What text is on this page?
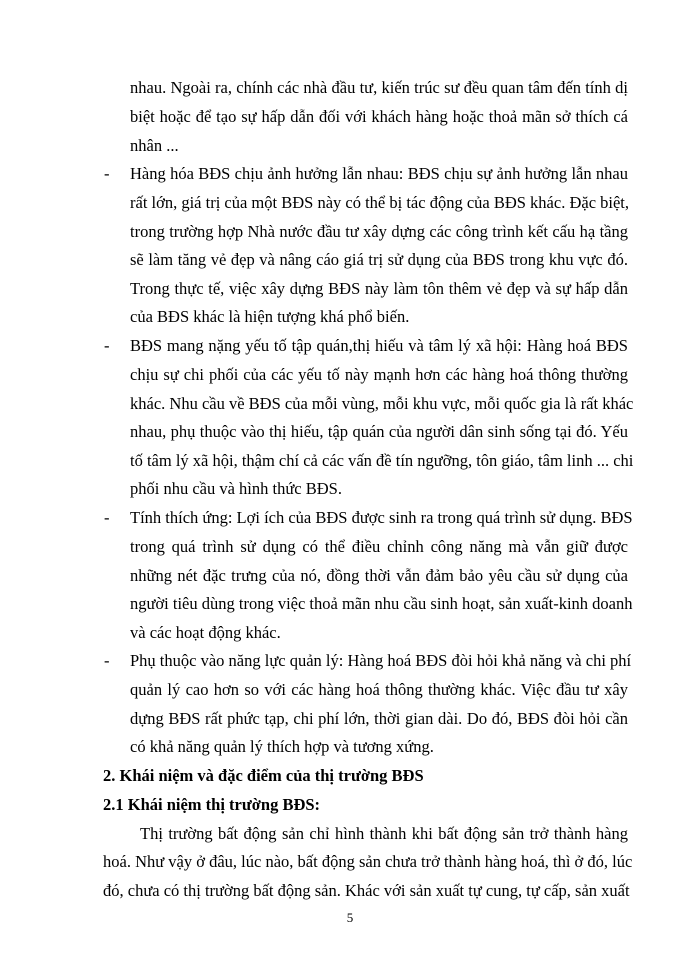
nhau. Ngoài ra, chính các nhà đầu tư, kiến trúc sư đều quan tâm đến tính dị
biệt hoặc để tạo sự hấp dẫn đối với khách hàng hoặc thoả mãn sở thích cá
nhân ...
- Hàng hóa BĐS chịu ảnh hưởng lẫn nhau: BĐS chịu sự ảnh hưởng lẫn nhau
rất lớn, giá trị của một BĐS này có thể bị tác động của BĐS khác. Đặc biệt,
trong trường hợp Nhà nước đầu tư xây dựng các công trình kết cấu hạ tầng
sẽ làm tăng vẻ đẹp và nâng cáo giá trị sử dụng của BĐS trong khu vực đó.
Trong thực tế, việc xây dựng BĐS này làm tôn thêm vẻ đẹp và sự hấp dẫn
của BĐS khác là hiện tượng khá phổ biến.
- BĐS mang nặng yếu tố tập quán,thị hiếu và tâm lý xã hội: Hàng hoá BĐS
chịu sự chi phối của các yếu tố này mạnh hơn các hàng hoá thông thường
khác. Nhu cầu về BĐS của mỗi vùng, mỗi khu vực, mỗi quốc gia là rất khác
nhau, phụ thuộc vào thị hiếu, tập quán của người dân sinh sống tại đó. Yếu
tố tâm lý xã hội, thậm chí cả các vấn đề tín ngưỡng, tôn giáo, tâm linh ... chi
phối nhu cầu và hình thức BĐS.
- Tính thích ứng: Lợi ích của BĐS được sinh ra trong quá trình sử dụng. BĐS
trong quá trình sử dụng có thể điều chỉnh công năng mà vẫn giữ được
những nét đặc trưng của nó, đồng thời vẫn đảm bảo yêu cầu sử dụng của
người tiêu dùng trong việc thoả mãn nhu cầu sinh hoạt, sản xuất-kinh doanh
và các hoạt động khác.
- Phụ thuộc vào năng lực quản lý: Hàng hoá BĐS đòi hỏi khả năng và chi phí
quản lý cao hơn so với các hàng hoá thông thường khác. Việc đầu tư xây
dựng BĐS rất phức tạp, chi phí lớn, thời gian dài. Do đó, BĐS đòi hỏi cần
có khả năng quản lý thích hợp và tương xứng.
2. Khái niệm và đặc điểm của thị trường BĐS
2.1 Khái niệm thị trường BĐS:
Thị trường bất động sản chỉ hình thành khi bất động sản trở thành hàng
hoá. Như vậy ở đâu, lúc nào, bất động sản chưa trở thành hàng hoá, thì ở đó, lúc
đó, chưa có thị trường bất động sản. Khác với sản xuất tự cung, tự cấp, sản xuất
5
